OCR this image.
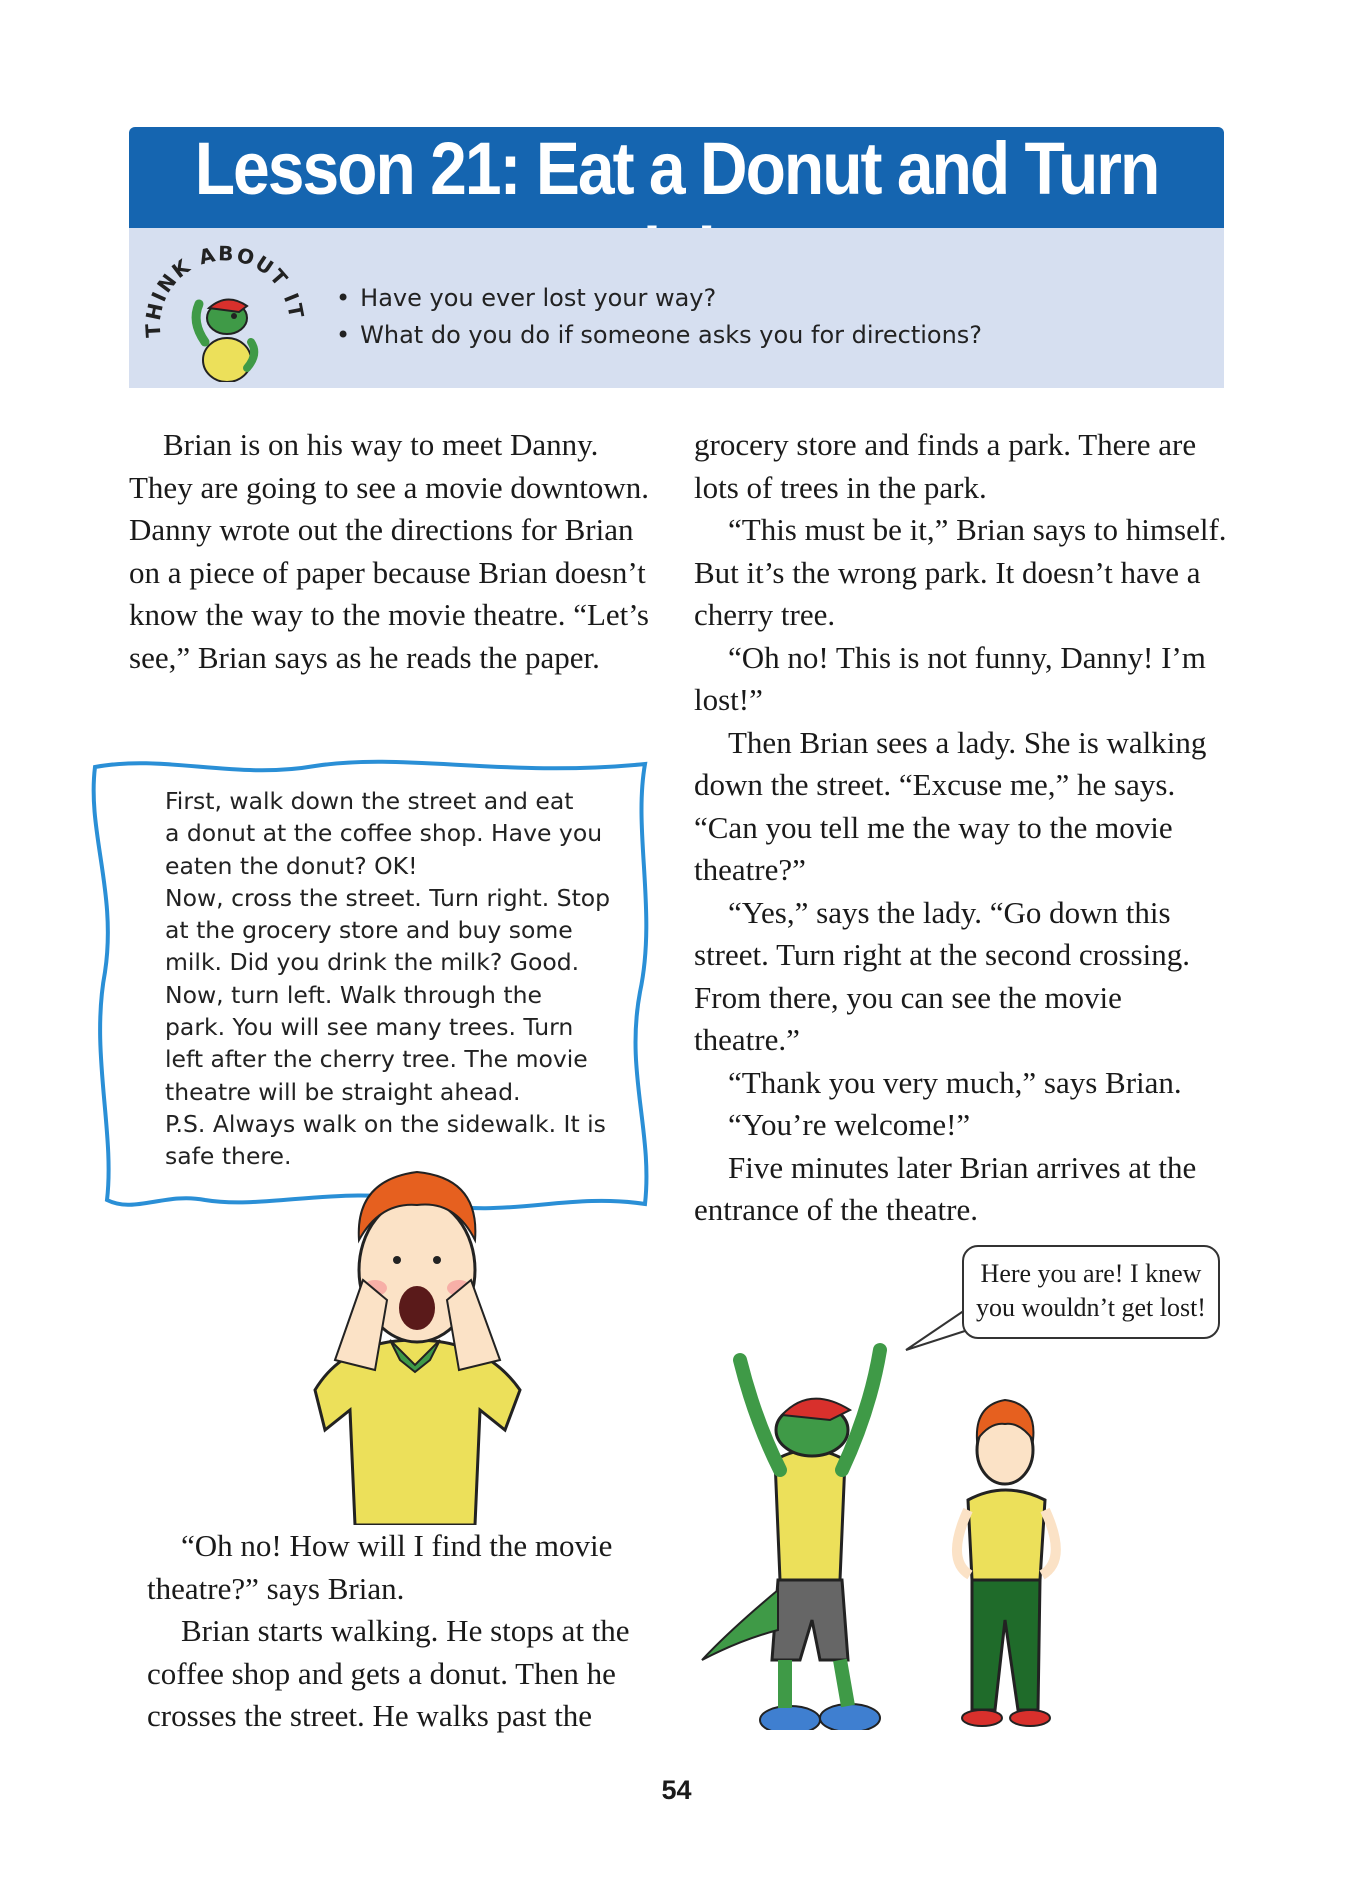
Lesson 21: Eat a Donut and Turn
THINK ABOUT IT
•	Have you ever lost your way?
• What do you do if someone asks you for directions?

Brian is on his way to meet Danny. They are going to see a movie downtown. Danny wrote out the directions for Brian on a piece of paper because Brian doesn’t know the way to the movie theatre. “Let’s see,” Brian says as he reads the paper.

First, walk down the street and eat
a donut at the coffee shop. Have you
eaten the donut? OK!
Now, cross the street. Turn right. Stop
at the grocery store and buy some
milk. Did you drink the milk? Good.
Now, turn left. Walk through the
park. You will see many trees. Turn
left after the cherry tree. The movie
theatre will be straight ahead.
P.S. Always walk on the sidewalk. It is
safe there.

“Oh no! How will I find the movie theatre?” says Brian.

Brian starts walking. He stops at the coffee shop and gets a donut. Then he crosses the street. He walks past the

grocery store and finds a park. There are lots of trees in the park.

“This must be it,” Brian says to himself. But it’s the wrong park. It doesn’t have a cherry tree.

“Oh no! This is not funny, Danny! I’m lost!”

Then Brian sees a lady. She is walking down the street. “Excuse me,” he says. “Can you tell me the way to the movie theatre?”

“Yes,” says the lady. “Go down this street. Turn right at the second crossing. From there, you can see the movie theatre.”

“Thank you very much,” says Brian.

“You’re welcome!”

Five minutes later Brian arrives at the entrance of the theatre.

Here you are! I knew
you wouldn’t get lost!
54
